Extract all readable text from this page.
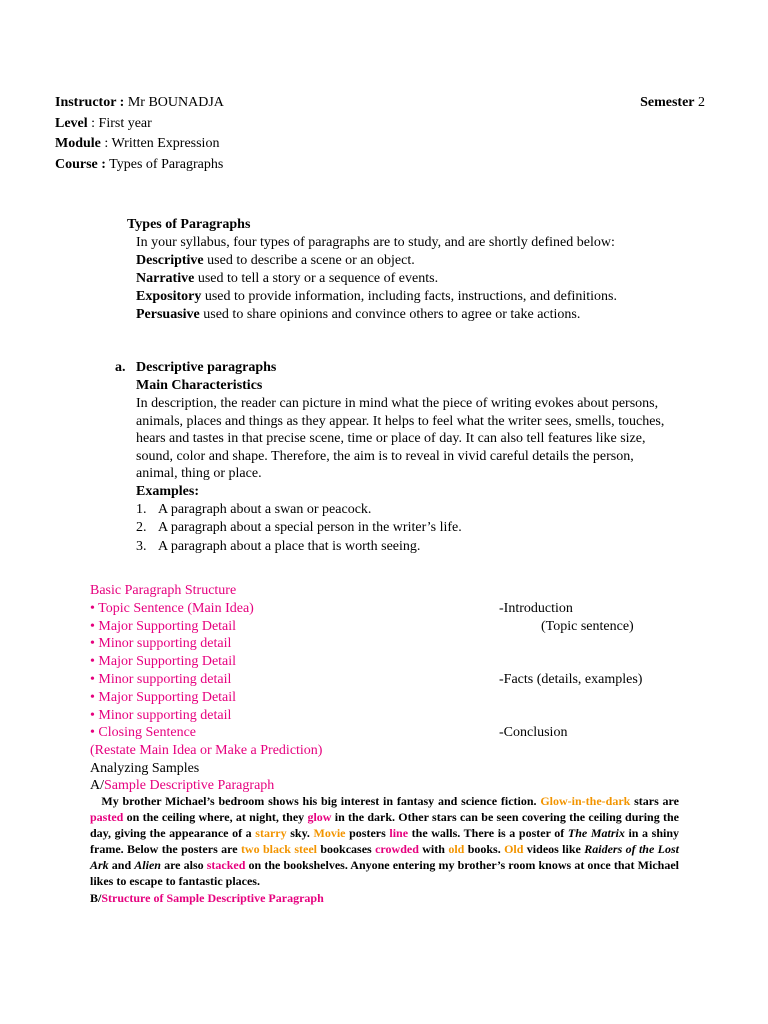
Instructor : Mr BOUNADJA	Semester 2
Level : First year
Module : Written Expression
Course : Types of Paragraphs
Types of Paragraphs
In your syllabus, four types of paragraphs are to study, and are shortly defined below:
Descriptive used to describe a scene or an object.
Narrative used to tell a story or a sequence of events.
Expository used to provide information, including facts, instructions, and definitions.
Persuasive used to share opinions and convince others to agree or take actions.
a. Descriptive paragraphs
Main Characteristics
In description, the reader can picture in mind what the piece of writing evokes about persons, animals, places and things as they appear. It helps to feel what the writer sees, smells, touches, hears and tastes in that precise scene, time or place of day. It can also tell features like size, sound, color and shape. Therefore, the aim is to reveal in vivid careful details the person, animal, thing or place.
Examples:
1. A paragraph about a swan or peacock.
2. A paragraph about a special person in the writer’s life.
3. A paragraph about a place that is worth seeing.
Basic Paragraph Structure
• Topic Sentence (Main Idea)	-Introduction
• Major Supporting Detail	(Topic sentence)
• Minor supporting detail
• Major Supporting Detail
• Minor supporting detail	-Facts (details, examples)
• Major Supporting Detail
• Minor supporting detail
• Closing Sentence	-Conclusion
(Restate Main Idea or Make a Prediction)
Analyzing Samples
A/Sample Descriptive Paragraph

My brother Michael’s bedroom shows his big interest in fantasy and science fiction. Glow-in-the-dark stars are pasted on the ceiling where, at night, they glow in the dark. Other stars can be seen covering the ceiling during the day, giving the appearance of a starry sky. Movie posters line the walls. There is a poster of The Matrix in a shiny frame. Below the posters are two black steel bookcases crowded with old books. Old videos like Raiders of the Lost Ark and Alien are also stacked on the bookshelves. Anyone entering my brother’s room knows at once that Michael likes to escape to fantastic places.

B/Structure of Sample Descriptive Paragraph
